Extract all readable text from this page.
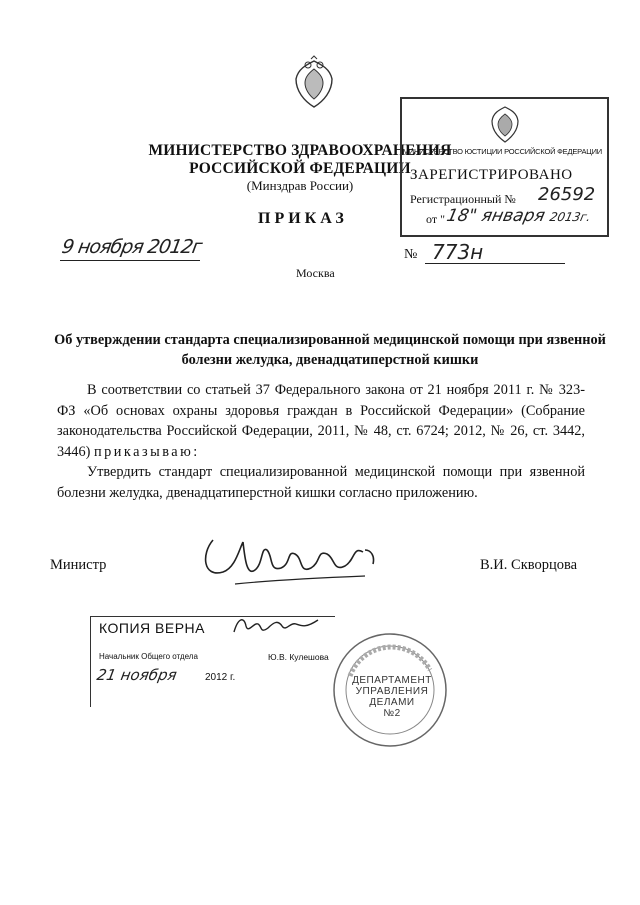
МИНИСТЕРСТВО ЗДРАВООХРАНЕНИЯ
РОССИЙСКОЙ ФЕДЕРАЦИИ
(Минздрав России)
ПРИКАЗ
9 ноября 2012г	№ 773н
Москва
МИНИСТЕРСТВО ЮСТИЦИИ РОССИЙСКОЙ ФЕДЕРАЦИИ
ЗАРЕГИСТРИРОВАНО
Регистрационный № 26592
от " 18" января 2013г.
Об утверждении стандарта специализированной медицинской помощи при язвенной болезни желудка, двенадцатиперстной кишки

В соответствии со статьей 37 Федерального закона от 21 ноября 2011 г. № 323-ФЗ «Об основах охраны здоровья граждан в Российской Федерации» (Собрание законодательства Российской Федерации, 2011, № 48, ст. 6724; 2012, № 26, ст. 3442, 3446) приказываю:

Утвердить стандарт специализированной медицинской помощи при язвенной болезни желудка, двенадцатиперстной кишки согласно приложению.

Министр	В.И. Скворцова
КОПИЯ ВЕРНА
Начальник Общего отдела	Ю.В. Кулешова
21 ноября	2012 г.	ДЕПАРТАМЕНТ
УПРАВЛЕНИЯ
ДЕЛАМИ
№2
